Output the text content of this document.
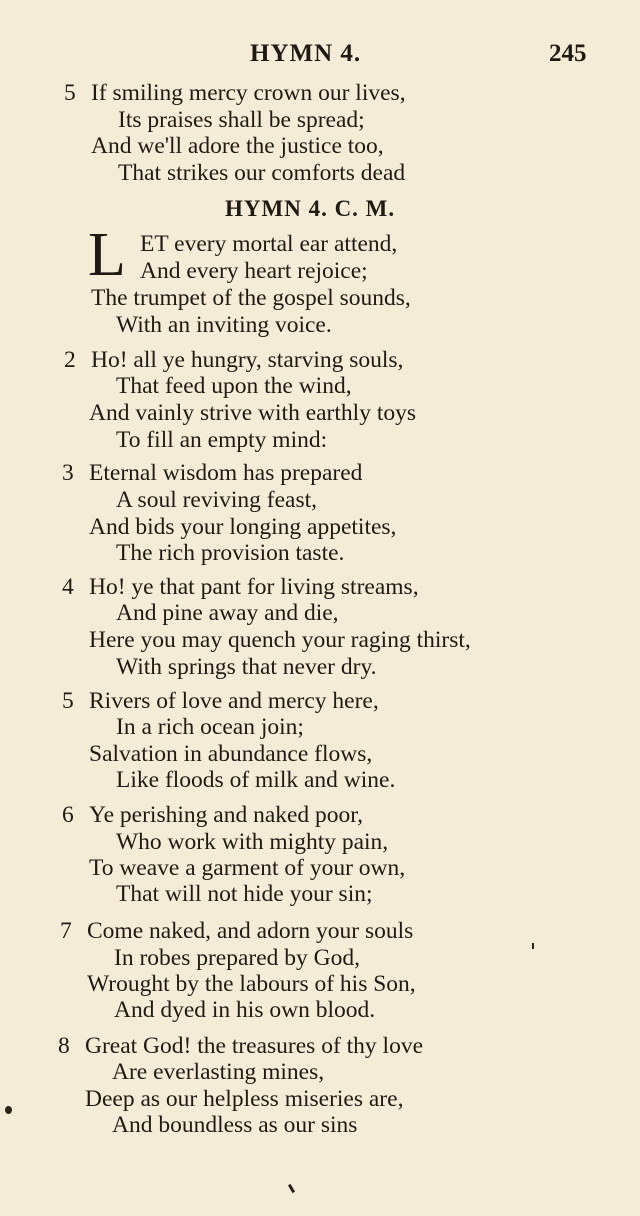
HYMN 4.	245
5 If smiling mercy crown our lives,
Its praises shall be spread;
And we'll adore the justice too,
That strikes our comforts dead
HYMN 4. C. M.
L ET every mortal ear attend,
And every heart rejoice;
The trumpet of the gospel sounds,
With an inviting voice.
2 Ho! all ye hungry, starving souls,
That feed upon the wind,
And vainly strive with earthly toys
To fill an empty mind:
3 Eternal wisdom has prepared
A soul reviving feast,
And bids your longing appetites,
The rich provision taste.
4 Ho! ye that pant for living streams,
And pine away and die,
Here you may quench your raging thirst,
With springs that never dry.
5 Rivers of love and mercy here,
In a rich ocean join;
Salvation in abundance flows,
Like floods of milk and wine.
6 Ye perishing and naked poor,
Who work with mighty pain,
To weave a garment of your own,
That will not hide your sin;
7 Come naked, and adorn your souls
In robes prepared by God,
Wrought by the labours of his Son,
And dyed in his own blood.
8 Great God! the treasures of thy love
Are everlasting mines,
Deep as our helpless miseries are,
And boundless as our sins
